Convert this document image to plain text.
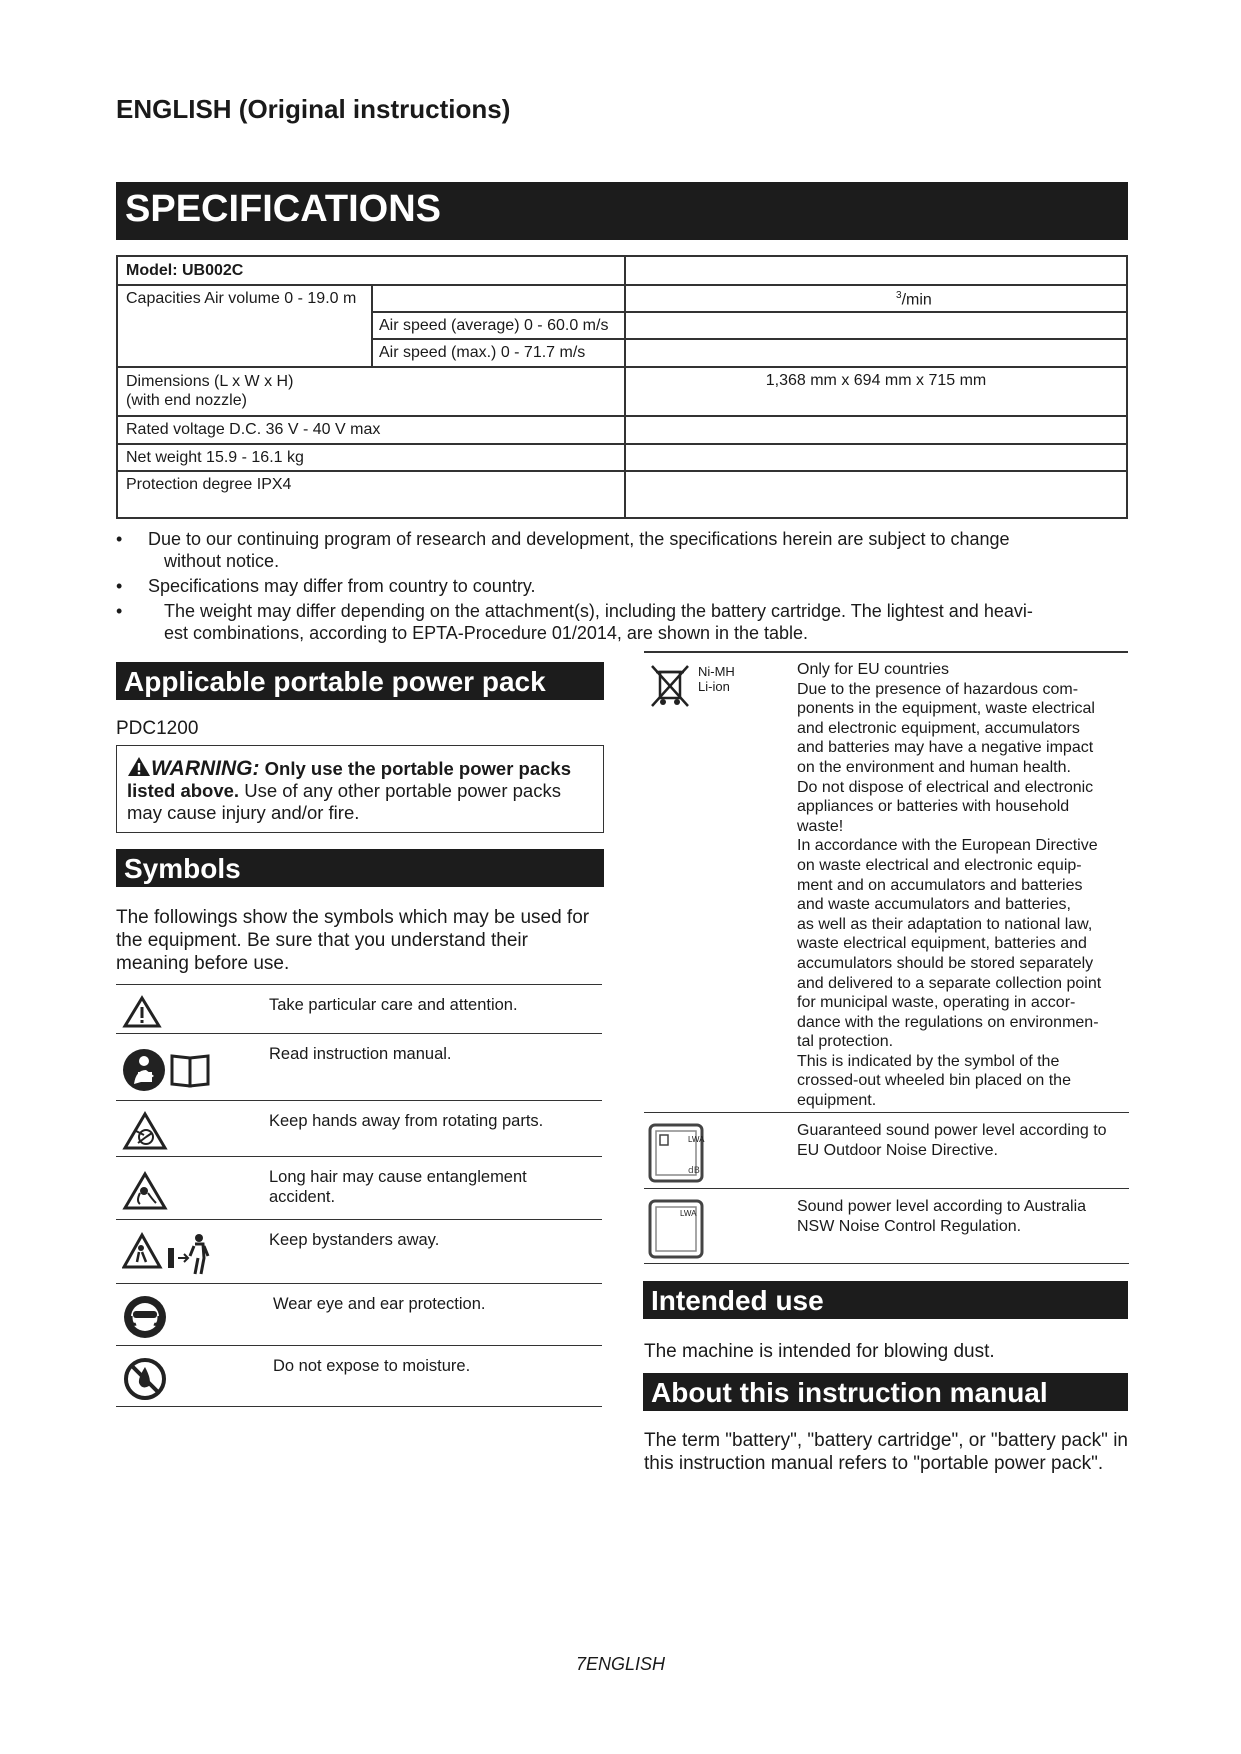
ENGLISH (Original instructions)
SPECIFICATIONS
Model: UB002C
Capacities Air volume 0 - 19.0 m	$^3$/min
Air speed (average) 0 - 60.0 m/s
Air speed (max.) 0 - 71.7 m/s
Dimensions (L x W x H)
(with end nozzle)
1,368 mm x 694 mm x 715 mm
Rated voltage D.C. 36 V - 40 V max
Net weight 15.9 - 16.1 kg
Protection degree IPX4
• Due to our continuing program of research and development, the specifications herein are subject to change
without notice.
• Specifications may differ from country to country.
• The weight may differ depending on the attachment(s), including the battery cartridge. The lightest and heavi-
est combinations, according to EPTA-Procedure 01/2014, are shown in the table.
Applicable portable power pack
PDC1200
WARNING: Only use the portable power packs listed above. Use of any other portable power packs may cause injury and/or fire.
Symbols
The followings show the symbols which may be used for the equipment. Be sure that you understand their meaning before use.
Take particular care and attention.
Read instruction manual.
Keep hands away from rotating parts.
Long hair may cause entanglement accident.
Keep bystanders away.
Wear eye and ear protection.
Do not expose to moisture.
Ni-MH
Li-ion
Only for EU countries
Due to the presence of hazardous com-
ponents in the equipment, waste electrical
and electronic equipment, accumulators
and batteries may have a negative impact
on the environment and human health.
Do not dispose of electrical and electronic
appliances or batteries with household
waste!
In accordance with the European Directive
on waste electrical and electronic equip-
ment and on accumulators and batteries
and waste accumulators and batteries,
as well as their adaptation to national law,
waste electrical equipment, batteries and
accumulators should be stored separately
and delivered to a separate collection point
for municipal waste, operating in accor-
dance with the regulations on environmen-
tal protection.
This is indicated by the symbol of the
crossed-out wheeled bin placed on the
equipment.
dB
LWA
Guaranteed sound power level according to EU Outdoor Noise Directive.
LWA	Sound power level according to Australia NSW Noise Control Regulation.
Intended use
The machine is intended for blowing dust.
About this instruction manual
The term "battery", "battery cartridge", or "battery pack" in this instruction manual refers to "portable power pack".
7ENGLISH
